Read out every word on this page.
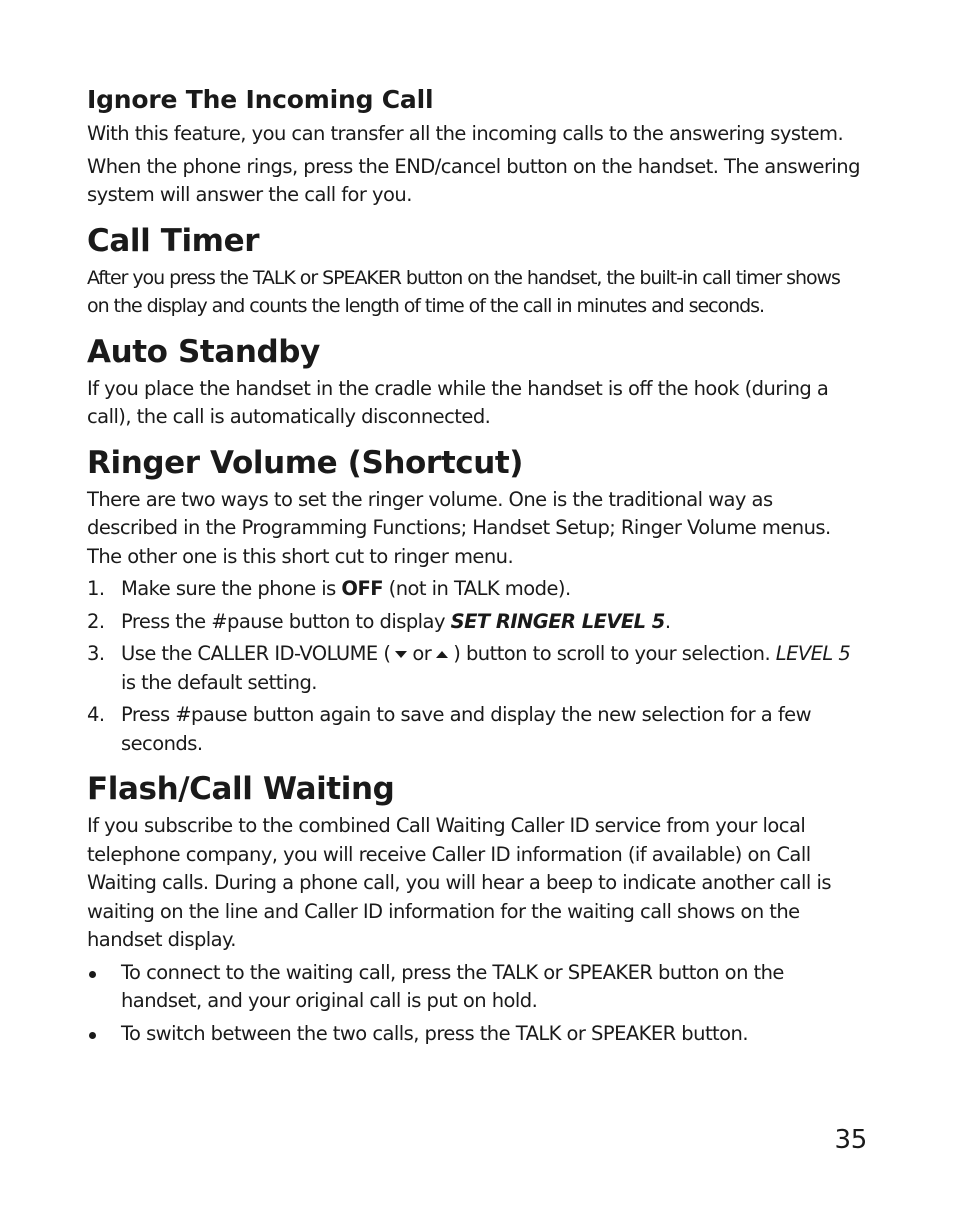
Ignore The Incoming Call

With this feature, you can transfer all the incoming calls to the answering system.

When the phone rings, press the END/cancel button on the handset. The answering system will answer the call for you.

Call Timer

After you press the TALK or SPEAKER button on the handset, the built-in call timer shows on the display and counts the length of time of the call in minutes and seconds.

Auto Standby

If you place the handset in the cradle while the handset is off the hook (during a call), the call is automatically disconnected.

Ringer Volume (Shortcut)

There are two ways to set the ringer volume. One is the traditional way as described in the Programming Functions; Handset Setup; Ringer Volume menus. The other one is this short cut to ringer menu.

1. Make sure the phone is OFF (not in TALK mode).
2. Press the #pause button to display SET RINGER LEVEL 5.
3. Use the CALLER ID-VOLUME ( or ) button to scroll to your selection. LEVEL 5 is the default setting.
4. Press #pause button again to save and display the new selection for a few seconds.
Flash/Call Waiting

If you subscribe to the combined Call Waiting Caller ID service from your local telephone company, you will receive Caller ID information (if available) on Call Waiting calls. During a phone call, you will hear a beep to indicate another call is waiting on the line and Caller ID information for the waiting call shows on the handset display.

To connect to the waiting call, press the TALK or SPEAKER button on the handset, and your original call is put on hold.
To switch between the two calls, press the TALK or SPEAKER button.
35
